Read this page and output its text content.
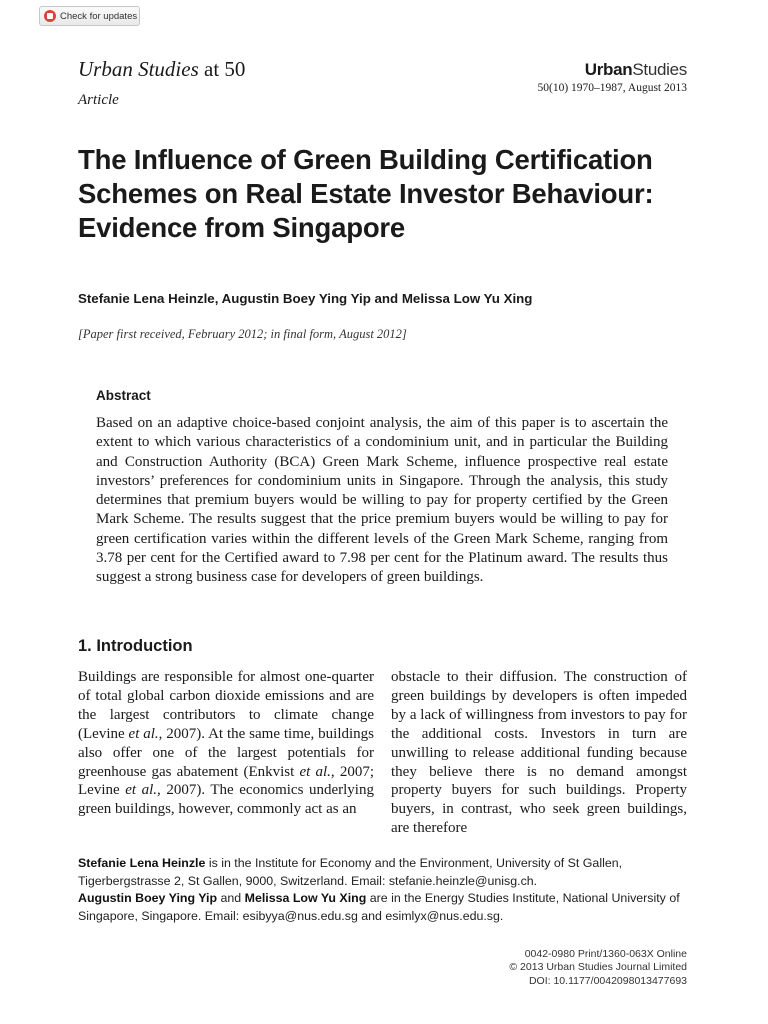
Check for updates
Urban Studies at 50
Article
UrbanStudies
50(10) 1970–1987, August 2013
The Influence of Green Building Certification Schemes on Real Estate Investor Behaviour: Evidence from Singapore
Stefanie Lena Heinzle, Augustin Boey Ying Yip and Melissa Low Yu Xing
[Paper first received, February 2012; in final form, August 2012]
Abstract
Based on an adaptive choice-based conjoint analysis, the aim of this paper is to ascertain the extent to which various characteristics of a condominium unit, and in particular the Building and Construction Authority (BCA) Green Mark Scheme, influence prospective real estate investors’ preferences for condominium units in Singapore. Through the analysis, this study determines that premium buyers would be willing to pay for property certified by the Green Mark Scheme. The results suggest that the price premium buyers would be willing to pay for green certification varies within the different levels of the Green Mark Scheme, ranging from 3.78 per cent for the Certified award to 7.98 per cent for the Platinum award. The results thus suggest a strong business case for developers of green buildings.
1. Introduction
Buildings are responsible for almost one-quarter of total global carbon dioxide emissions and are the largest contributors to climate change (Levine et al., 2007). At the same time, buildings also offer one of the largest potentials for greenhouse gas abatement (Enkvist et al., 2007; Levine et al., 2007). The economics underlying green buildings, however, commonly act as an
obstacle to their diffusion. The construction of green buildings by developers is often impeded by a lack of willingness from investors to pay for the additional costs. Investors in turn are unwilling to release additional funding because they believe there is no demand amongst property buyers for such buildings. Property buyers, in contrast, who seek green buildings, are therefore
Stefanie Lena Heinzle is in the Institute for Economy and the Environment, University of St Gallen, Tigerbergstrasse 2, St Gallen, 9000, Switzerland. Email: stefanie.heinzle@unisg.ch.
Augustin Boey Ying Yip and Melissa Low Yu Xing are in the Energy Studies Institute, National University of Singapore, Singapore. Email: esibyya@nus.edu.sg and esimlyx@nus.edu.sg.
0042-0980 Print/1360-063X Online
© 2013 Urban Studies Journal Limited
DOI: 10.1177/0042098013477693
